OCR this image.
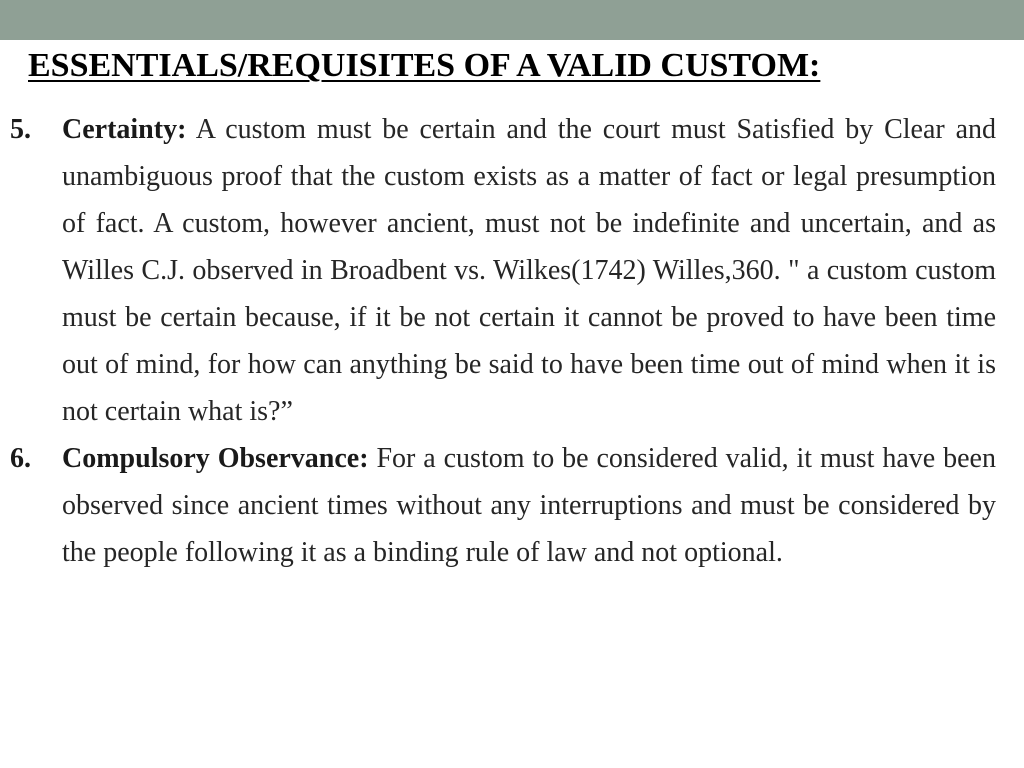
ESSENTIALS/REQUISITES OF A VALID CUSTOM:
5. Certainty: A custom must be certain and the court must Satisfied by Clear and unambiguous proof that the custom exists as a matter of fact or legal presumption of fact. A custom, however ancient, must not be indefinite and uncertain, and as Willes C.J. observed in Broadbent vs. Wilkes(1742) Willes,360. " a custom custom must be certain because, if it be not certain it cannot be proved to have been time out of mind, for how can anything be said to have been time out of mind when it is not certain what is?”
6. Compulsory Observance: For a custom to be considered valid, it must have been observed since ancient times without any interruptions and must be considered by the people following it as a binding rule of law and not optional.
